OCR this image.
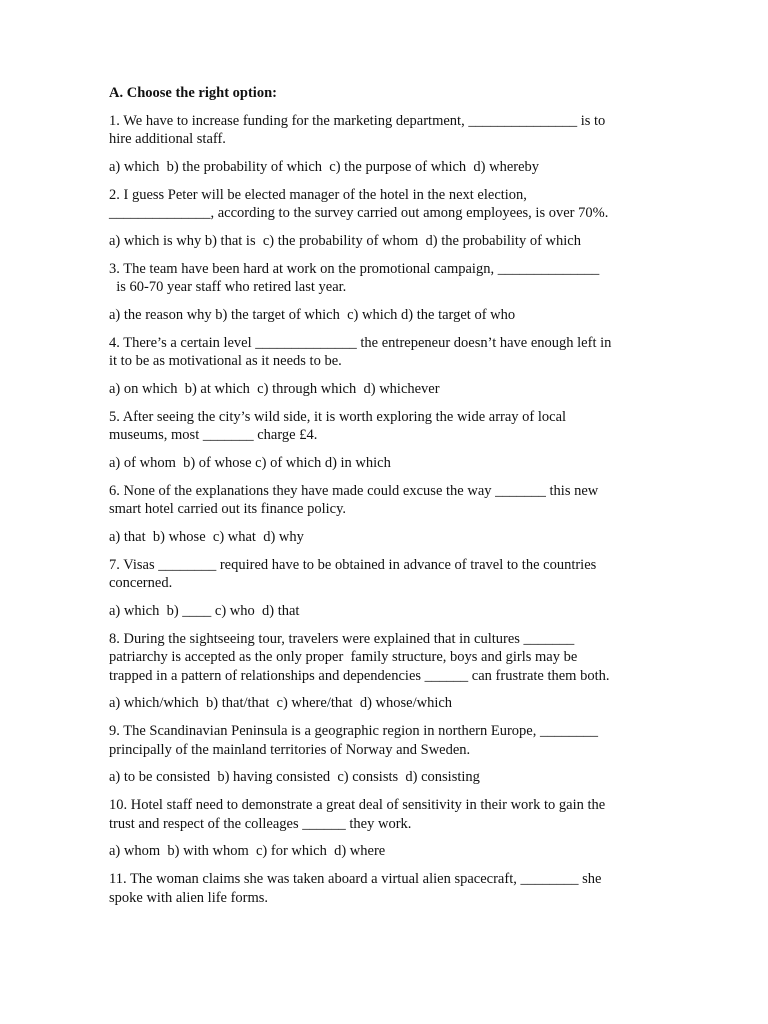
A. Choose the right option:

1. We have to increase funding for the marketing department, _______________ is to
hire additional staff.

a) which  b) the probability of which  c) the purpose of which  d) whereby

2. I guess Peter will be elected manager of the hotel in the next election,
______________, according to the survey carried out among employees, is over 70%.

a) which is why b) that is  c) the probability of whom  d) the probability of which

3. The team have been hard at work on the promotional campaign, ______________
is 60-70 year staff who retired last year.

a) the reason why b) the target of which  c) which d) the target of who

4. There’s a certain level ______________ the entrepeneur doesn’t have enough left in
it to be as motivational as it needs to be.

a) on which  b) at which  c) through which  d) whichever

5. After seeing the city’s wild side, it is worth exploring the wide array of local
museums, most _______ charge £4.

a) of whom  b) of whose c) of which d) in which

6. None of the explanations they have made could excuse the way _______ this new
smart hotel carried out its finance policy.

a) that  b) whose  c) what  d) why

7. Visas ________ required have to be obtained in advance of travel to the countries
concerned.

a) which  b) ____ c) who  d) that

8. During the sightseeing tour, travelers were explained that in cultures _______
patriarchy is accepted as the only proper  family structure, boys and girls may be
trapped in a pattern of relationships and dependencies ______ can frustrate them both.

a) which/which  b) that/that  c) where/that  d) whose/which

9. The Scandinavian Peninsula is a geographic region in northern Europe, ________
principally of the mainland territories of Norway and Sweden.

a) to be consisted  b) having consisted  c) consists  d) consisting

10. Hotel staff need to demonstrate a great deal of sensitivity in their work to gain the
trust and respect of the colleages ______ they work.

a) whom  b) with whom  c) for which  d) where

11. The woman claims she was taken aboard a virtual alien spacecraft, ________ she
spoke with alien life forms.
